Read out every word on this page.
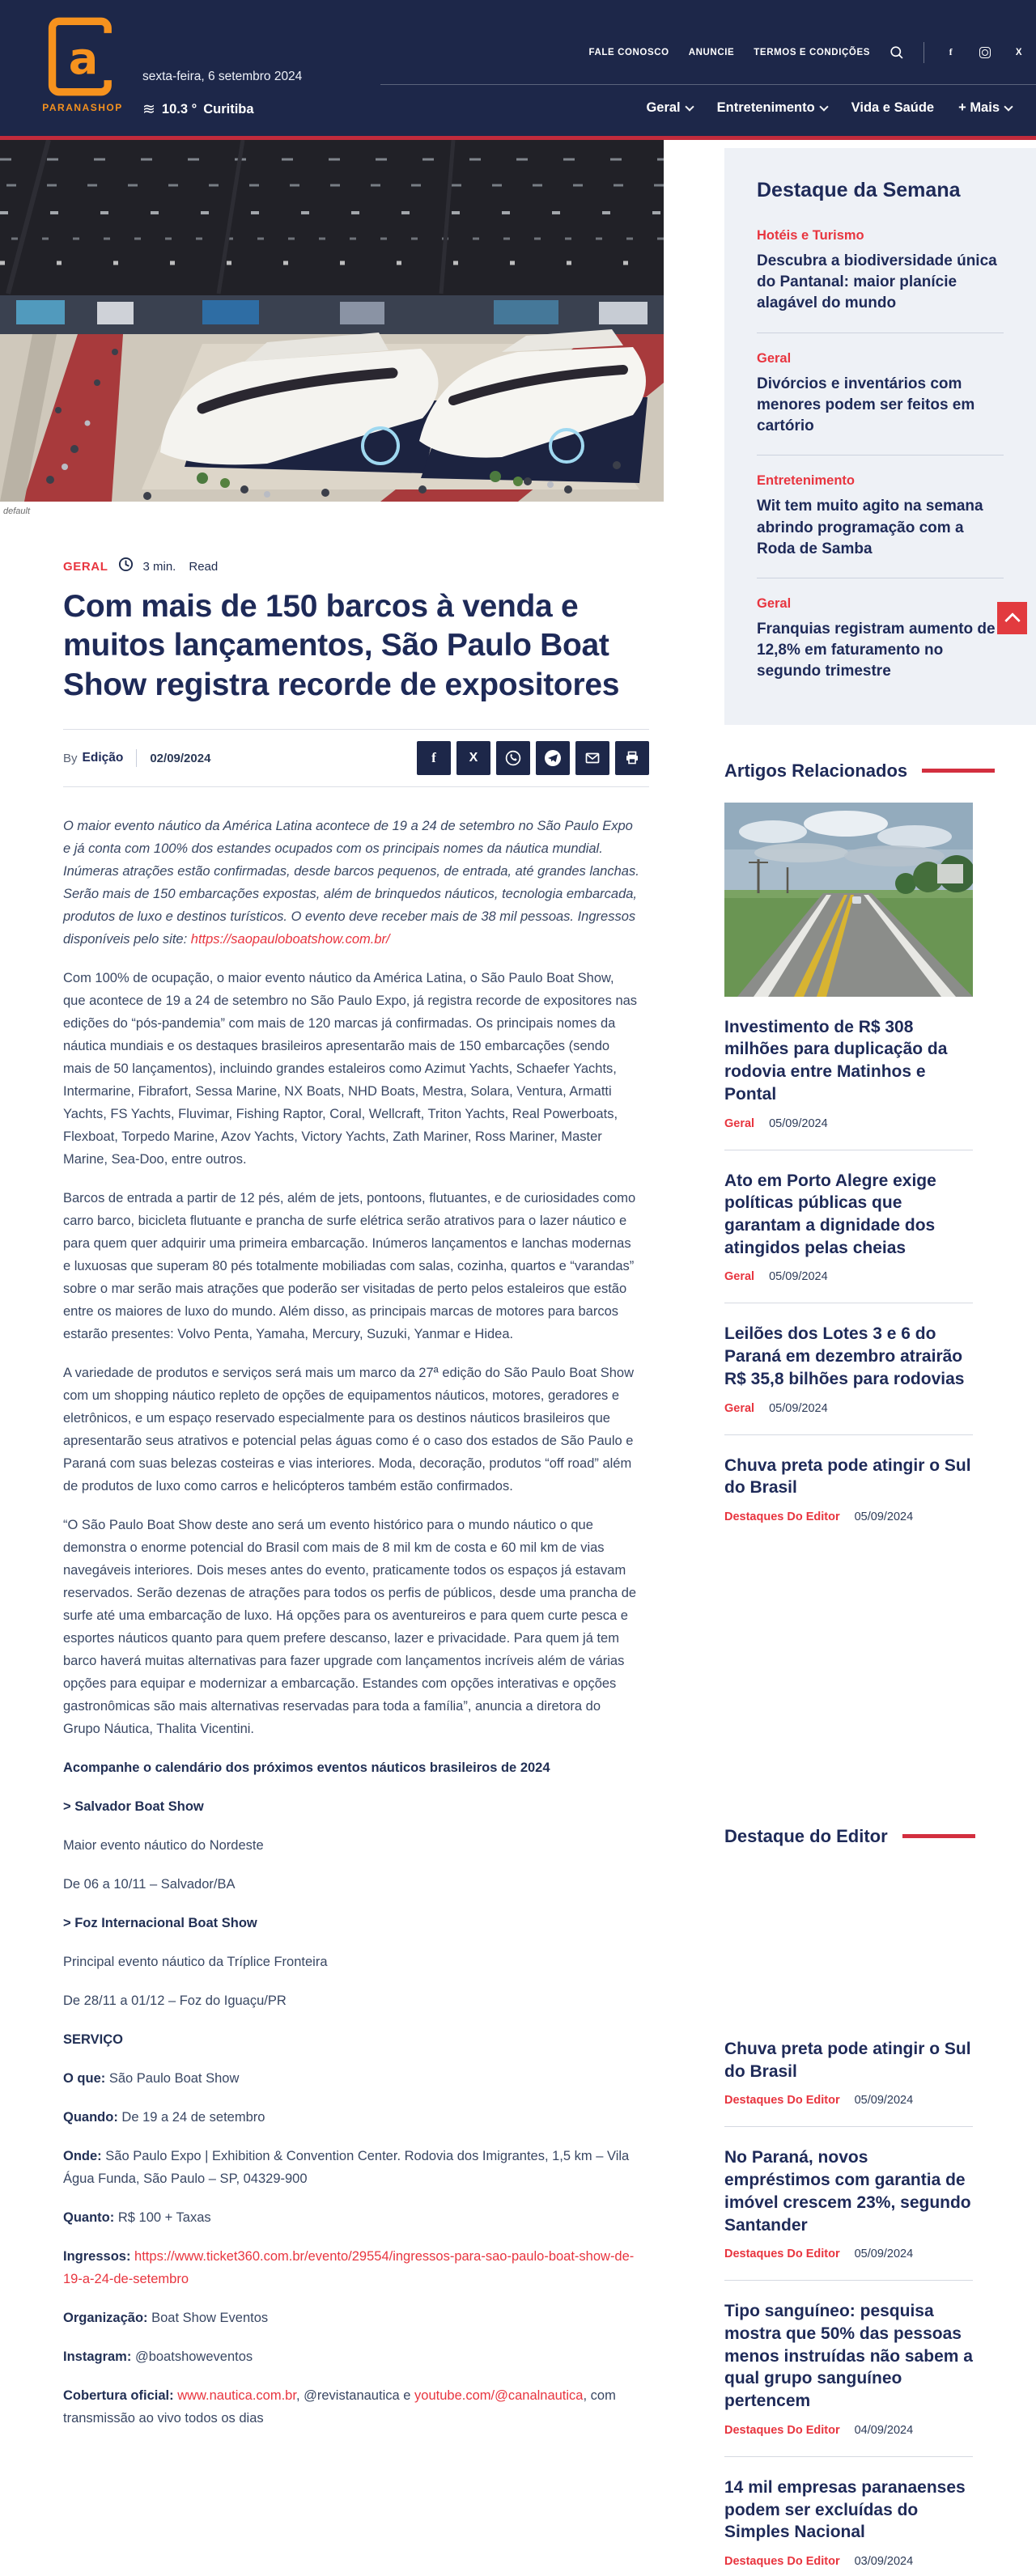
a
PARANASHOP
sexta-feira, 6 setembro 2024
≋ 10.3 ° Curitiba
FALE CONOSCO ANUNCIE TERMOS E CONDIÇÕES	f	X
Geral	Entretenimento	Vida e Saúde + Mais
default
GERAL	3 min. Read
Com mais de 150 barcos à venda e muitos lançamentos, São Paulo Boat Show registra recorde de expositores
By Edição 02/09/2024	f	X

O maior evento náutico da América Latina acontece de 19 a 24 de setembro no São Paulo Expo e já conta com 100% dos estandes ocupados com os principais nomes da náutica mundial. Inúmeras atrações estão confirmadas, desde barcos pequenos, de entrada, até grandes lanchas. Serão mais de 150 embarcações expostas, além de brinquedos náuticos, tecnologia embarcada, produtos de luxo e destinos turísticos. O evento deve receber mais de 38 mil pessoas. Ingressos disponíveis pelo site: https://saopauloboatshow.com.br/

Com 100% de ocupação, o maior evento náutico da América Latina, o São Paulo Boat Show, que acontece de 19 a 24 de setembro no São Paulo Expo, já registra recorde de expositores nas edições do “pós-pandemia” com mais de 120 marcas já confirmadas. Os principais nomes da náutica mundiais e os destaques brasileiros apresentarão mais de 150 embarcações (sendo mais de 50 lançamentos), incluindo grandes estaleiros como Azimut Yachts, Schaefer Yachts, Intermarine, Fibrafort, Sessa Marine, NX Boats, NHD Boats, Mestra, Solara, Ventura, Armatti Yachts, FS Yachts, Fluvimar, Fishing Raptor, Coral, Wellcraft, Triton Yachts, Real Powerboats, Flexboat, Torpedo Marine, Azov Yachts, Victory Yachts, Zath Mariner, Ross Mariner, Master Marine, Sea-Doo, entre outros.

Barcos de entrada a partir de 12 pés, além de jets, pontoons, flutuantes, e de curiosidades como carro barco, bicicleta flutuante e prancha de surfe elétrica serão atrativos para o lazer náutico e para quem quer adquirir uma primeira embarcação. Inúmeros lançamentos e lanchas modernas e luxuosas que superam 80 pés totalmente mobiliadas com salas, cozinha, quartos e “varandas” sobre o mar serão mais atrações que poderão ser visitadas de perto pelos estaleiros que estão entre os maiores de luxo do mundo. Além disso, as principais marcas de motores para barcos estarão presentes: Volvo Penta, Yamaha, Mercury, Suzuki, Yanmar e Hidea.

A variedade de produtos e serviços será mais um marco da 27ª edição do São Paulo Boat Show com um shopping náutico repleto de opções de equipamentos náuticos, motores, geradores e eletrônicos, e um espaço reservado especialmente para os destinos náuticos brasileiros que apresentarão seus atrativos e potencial pelas águas como é o caso dos estados de São Paulo e Paraná com suas belezas costeiras e vias interiores. Moda, decoração, produtos “off road” além de produtos de luxo como carros e helicópteros também estão confirmados.

“O São Paulo Boat Show deste ano será um evento histórico para o mundo náutico o que demonstra o enorme potencial do Brasil com mais de 8 mil km de costa e 60 mil km de vias navegáveis interiores. Dois meses antes do evento, praticamente todos os espaços já estavam reservados. Serão dezenas de atrações para todos os perfis de públicos, desde uma prancha de surfe até uma embarcação de luxo. Há opções para os aventureiros e para quem curte pesca e esportes náuticos quanto para quem prefere descanso, lazer e privacidade. Para quem já tem barco haverá muitas alternativas para fazer upgrade com lançamentos incríveis além de várias opções para equipar e modernizar a embarcação. Estandes com opções interativas e opções gastronômicas são mais alternativas reservadas para toda a família”, anuncia a diretora do Grupo Náutica, Thalita Vicentini.

Acompanhe o calendário dos próximos eventos náuticos brasileiros de 2024

> Salvador Boat Show

Maior evento náutico do Nordeste

De 06 a 10/11 – Salvador/BA

> Foz Internacional Boat Show

Principal evento náutico da Tríplice Fronteira

De 28/11 a 01/12 – Foz do Iguaçu/PR

SERVIÇO

O que: São Paulo Boat Show

Quando: De 19 a 24 de setembro

Onde: São Paulo Expo | Exhibition & Convention Center. Rodovia dos Imigrantes, 1,5 km – Vila Água Funda, São Paulo – SP, 04329-900

Quanto: R$ 100 + Taxas

Ingressos: https://www.ticket360.com.br/evento/29554/ingressos-para-sao-paulo-boat-show-de-19-a-24-de-setembro

Organização: Boat Show Eventos

Instagram: @boatshoweventos

Cobertura oficial: www.nautica.com.br, @revistanautica e youtube.com/@canalnautica, com transmissão ao vivo todos os dias

Destaque da Semana
Hotéis e Turismo
Descubra a biodiversidade única do Pantanal: maior planície alagável do mundo
Geral
Divórcios e inventários com menores podem ser feitos em cartório
Entretenimento
Wit tem muito agito na semana abrindo programação com a Roda de Samba
Geral
Franquias registram aumento de 12,8% em faturamento no segundo trimestre
Artigos Relacionados
Investimento de R$ 308 milhões para duplicação da rodovia entre Matinhos e Pontal
Geral 05/09/2024
Ato em Porto Alegre exige políticas públicas que garantam a dignidade dos atingidos pelas cheias
Geral 05/09/2024
Leilões dos Lotes 3 e 6 do Paraná em dezembro atrairão R$ 35,8 bilhões para rodovias
Geral 05/09/2024
Chuva preta pode atingir o Sul do Brasil
Destaques Do Editor 05/09/2024
Destaque do Editor
Chuva preta pode atingir o Sul do Brasil
Destaques Do Editor 05/09/2024
No Paraná, novos empréstimos com garantia de imóvel crescem 23%, segundo Santander
Destaques Do Editor 05/09/2024
Tipo sanguíneo: pesquisa mostra que 50% das pessoas menos instruídas não sabem a qual grupo sanguíneo pertencem
Destaques Do Editor 04/09/2024
14 mil empresas paranaenses podem ser excluídas do Simples Nacional
Destaques Do Editor 03/09/2024
